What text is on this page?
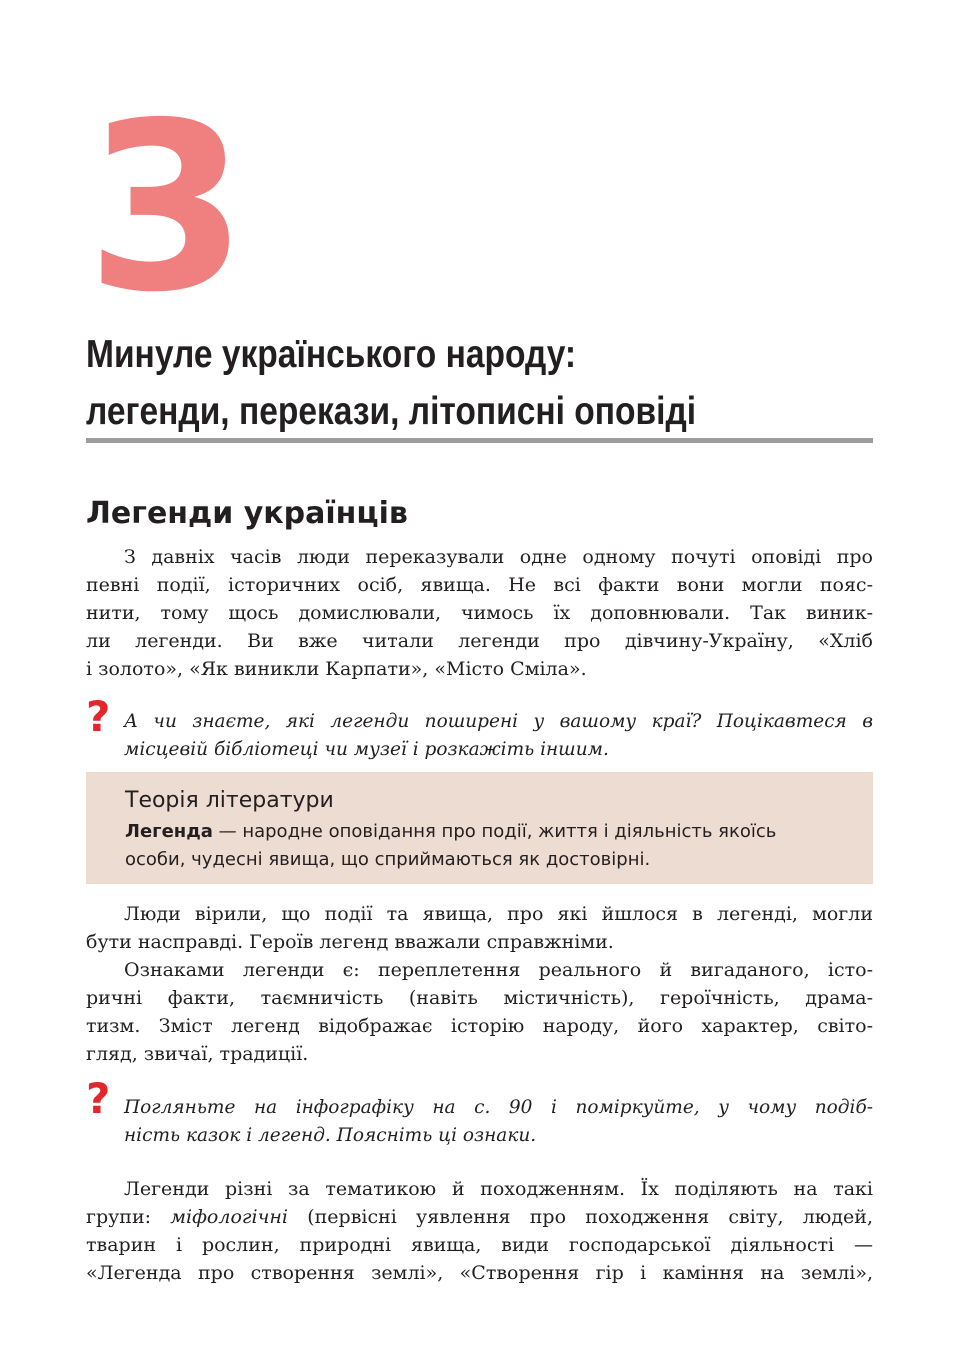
3
Минуле українського народу:
легенди, перекази, літописні оповіді
Легенди українців

З давніх часів люди переказували одне одному почуті оповіді про
певні події, історичних осіб, явища. Не всі факти вони могли пояс-
нити, тому щось домислювали, чимось їх доповнювали. Так виник-
ли легенди. Ви вже читали легенди про дівчину-Україну, «Хліб
і золото», «Як виникли Карпати», «Місто Сміла».

? А чи знаєте, які легенди поширені у вашому краї? Поцікавтеся в
місцевій бібліотеці чи музеї і розкажіть іншим.

Теорія літератури

Легенда — народне оповідання про події, життя і діяльність якоїсь
особи, чудесні явища, що сприймаються як достовірні.

Люди вірили, що події та явища, про які йшлося в легенді, могли
бути насправді. Героїв легенд вважали справжніми.

Ознаками легенди є: переплетення реального й вигаданого, істо-
ричні факти, таємничість (навіть містичність), героїчність, драма-
тизм. Зміст легенд відображає історію народу, його характер, світо-
гляд, звичаї, традиції.

? Погляньте на інфографіку на с. 90 і поміркуйте, у чому подіб-
ність казок і легенд. Поясніть ці ознаки.

Легенди різні за тематикою й походженням. Їх поділяють на такі
групи: міфологічні (первісні уявлення про походження світу, людей,
тварин і рослин, природні явища, види господарської діяльності —
«Легенда про створення землі», «Створення гір і каміння на землі»,
